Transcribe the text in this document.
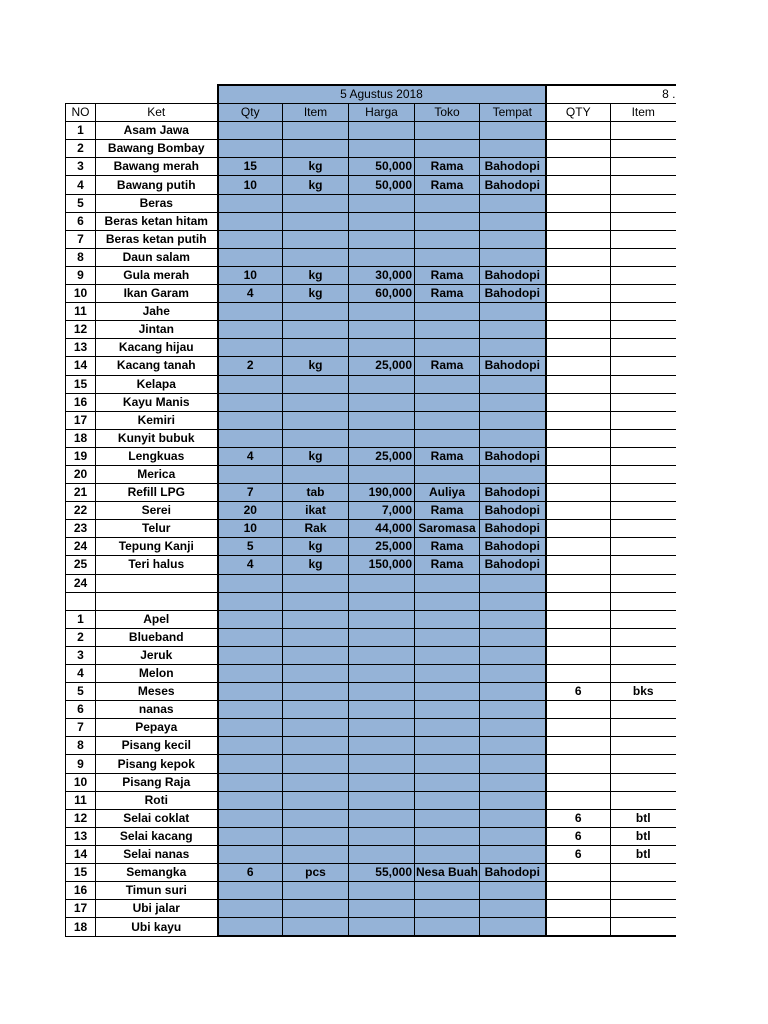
		5 Agustus 2018					8 .	
NO	Ket	Qty	Item	Harga	Toko	Tempat	QTY	Item
1	Asam Jawa							
2	Bawang Bombay							
3	Bawang merah	15	kg	50,000	Rama	Bahodopi		
4	Bawang putih	10	kg	50,000	Rama	Bahodopi		
5	Beras							
6	Beras ketan hitam							
7	Beras ketan putih							
8	Daun salam							
9	Gula merah	10	kg	30,000	Rama	Bahodopi		
10	Ikan Garam	4	kg	60,000	Rama	Bahodopi		
11	Jahe							
12	Jintan							
13	Kacang hijau							
14	Kacang tanah	2	kg	25,000	Rama	Bahodopi		
15	Kelapa							
16	Kayu Manis							
17	Kemiri							
18	Kunyit bubuk							
19	Lengkuas	4	kg	25,000	Rama	Bahodopi		
20	Merica							
21	Refill LPG	7	tab	190,000	Auliya	Bahodopi		
22	Serei	20	ikat	7,000	Rama	Bahodopi		
23	Telur	10	Rak	44,000	Saromasa	Bahodopi		
24	Tepung Kanji	5	kg	25,000	Rama	Bahodopi		
25	Teri halus	4	kg	150,000	Rama	Bahodopi		
24								

1	Apel							
2	Blueband							
3	Jeruk							
4	Melon							
5	Meses						6	bks
6	nanas							
7	Pepaya							
8	Pisang kecil							
9	Pisang kepok							
10	Pisang Raja							
11	Roti							
12	Selai coklat						6	btl
13	Selai kacang						6	btl
14	Selai nanas						6	btl
15	Semangka	6	pcs	55,000	Nesa Buah	Bahodopi		
16	Timun suri							
17	Ubi jalar							
18	Ubi kayu							
